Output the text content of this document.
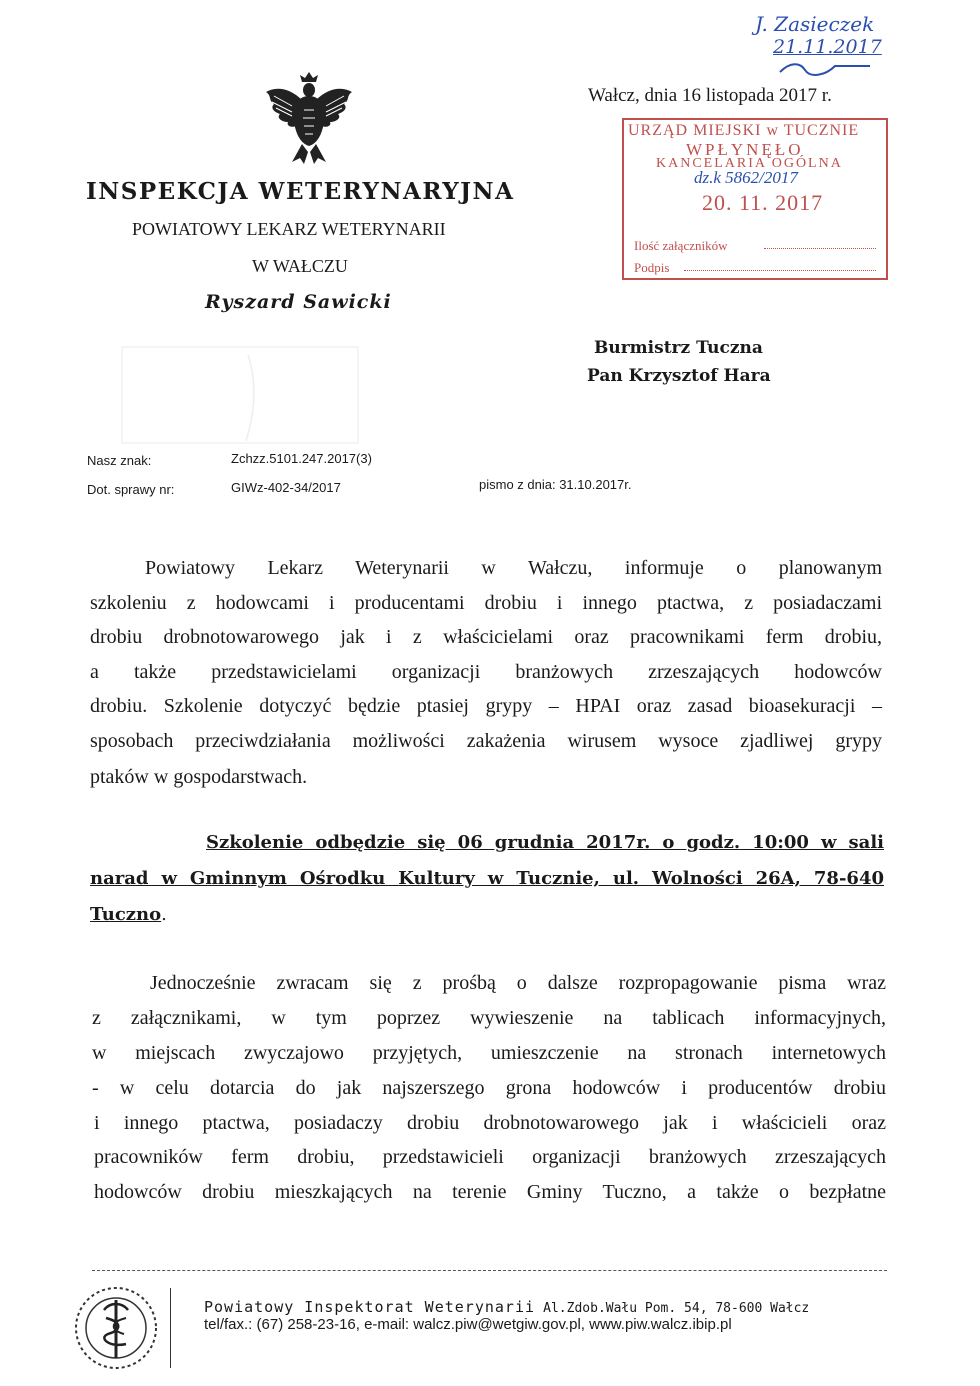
J. Zasieczek
21.11.2017
Wałcz, dnia 16 listopada 2017 r.
INSPEKCJA WETERYNARYJNA
POWIATOWY LEKARZ WETERYNARII
W WAŁCZU
Ryszard Sawicki
URZĄD MIEJSKI w TUCZNIE
WPŁYNĘŁO
KANCELARIA OGÓLNA
dz.k 5862/2017
20. 11. 2017
Ilość załączników
Podpis
Burmistrz Tuczna
Pan Krzysztof Hara
Nasz znak:	Zchzz.5101.247.2017(3)
Dot. sprawy nr:	GIWz-402-34/2017	pismo z dnia: 31.10.2017r.
Powiatowy Lekarz Weterynarii w Wałczu, informuje o planowanym
szkoleniu z hodowcami i producentami drobiu i innego ptactwa, z posiadaczami
drobiu drobnotowarowego jak i z właścicielami oraz pracownikami ferm drobiu,
a także przedstawicielami organizacji branżowych zrzeszających hodowców
drobiu. Szkolenie dotyczyć będzie ptasiej grypy – HPAI oraz zasad bioasekuracji –
sposobach przeciwdziałania możliwości zakażenia wirusem wysoce zjadliwej grypy
ptaków w gospodarstwach.
Szkolenie odbędzie się 06 grudnia 2017r. o godz. 10:00 w sali
narad w Gminnym Ośrodku Kultury w Tucznie, ul. Wolności 26A, 78-640
Tuczno.
Jednocześnie zwracam się z prośbą o dalsze rozpropagowanie pisma wraz
z załącznikami, w tym poprzez wywieszenie na tablicach informacyjnych,
w miejscach zwyczajowo przyjętych, umieszczenie na stronach internetowych
- w celu dotarcia do jak najszerszego grona hodowców i producentów drobiu
i innego ptactwa, posiadaczy drobiu drobnotowarowego jak i właścicieli oraz
pracowników ferm drobiu, przedstawicieli organizacji branżowych zrzeszających
hodowców drobiu mieszkających na terenie Gminy Tuczno, a także o bezpłatne
Powiatowy Inspektorat Weterynarii Al.Zdob.Wału Pom. 54, 78-600 Wałcz
tel/fax.: (67) 258-23-16, e-mail: walcz.piw@wetgiw.gov.pl, www.piw.walcz.ibip.pl
